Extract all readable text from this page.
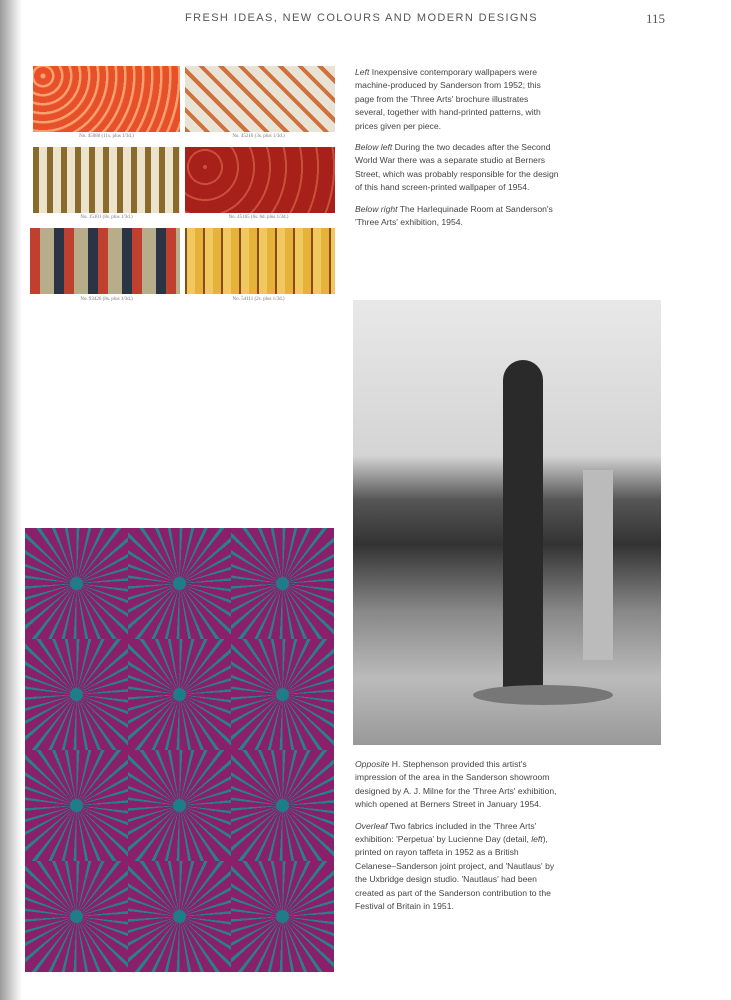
FRESH IDEAS, NEW COLOURS AND MODERN DESIGNS	115
No. 45080 (11s. plus 1/3d.)	No. 45216 (3s. plus 1/3d.)
No. 15101 (8s. plus 1/3d.)	No. 45165 (6s. 6d. plus 1/3d.)
No. 93426 (8s. plus 1/3d.)	No. 54111 (2s. plus 1/3d.)

Left Inexpensive contemporary wallpapers were machine-produced by Sanderson from 1952; this page from the 'Three Arts' brochure illustrates several, together with hand-printed patterns, with prices given per piece.

Below left During the two decades after the Second World War there was a separate studio at Berners Street, which was probably responsible for the design of this hand screen-printed wallpaper of 1954.

Below right The Harlequinade Room at Sanderson's 'Three Arts' exhibition, 1954.

Opposite H. Stephenson provided this artist's impression of the area in the Sanderson showroom designed by A. J. Milne for the 'Three Arts' exhibition, which opened at Berners Street in January 1954.

Overleaf Two fabrics included in the 'Three Arts' exhibition: 'Perpetua' by Lucienne Day (detail, left), printed on rayon taffeta in 1952 as a British Celanese–Sanderson joint project, and 'Nautlaus' by the Uxbridge design studio. 'Nautlaus' had been created as part of the Sanderson contribution to the Festival of Britain in 1951.
